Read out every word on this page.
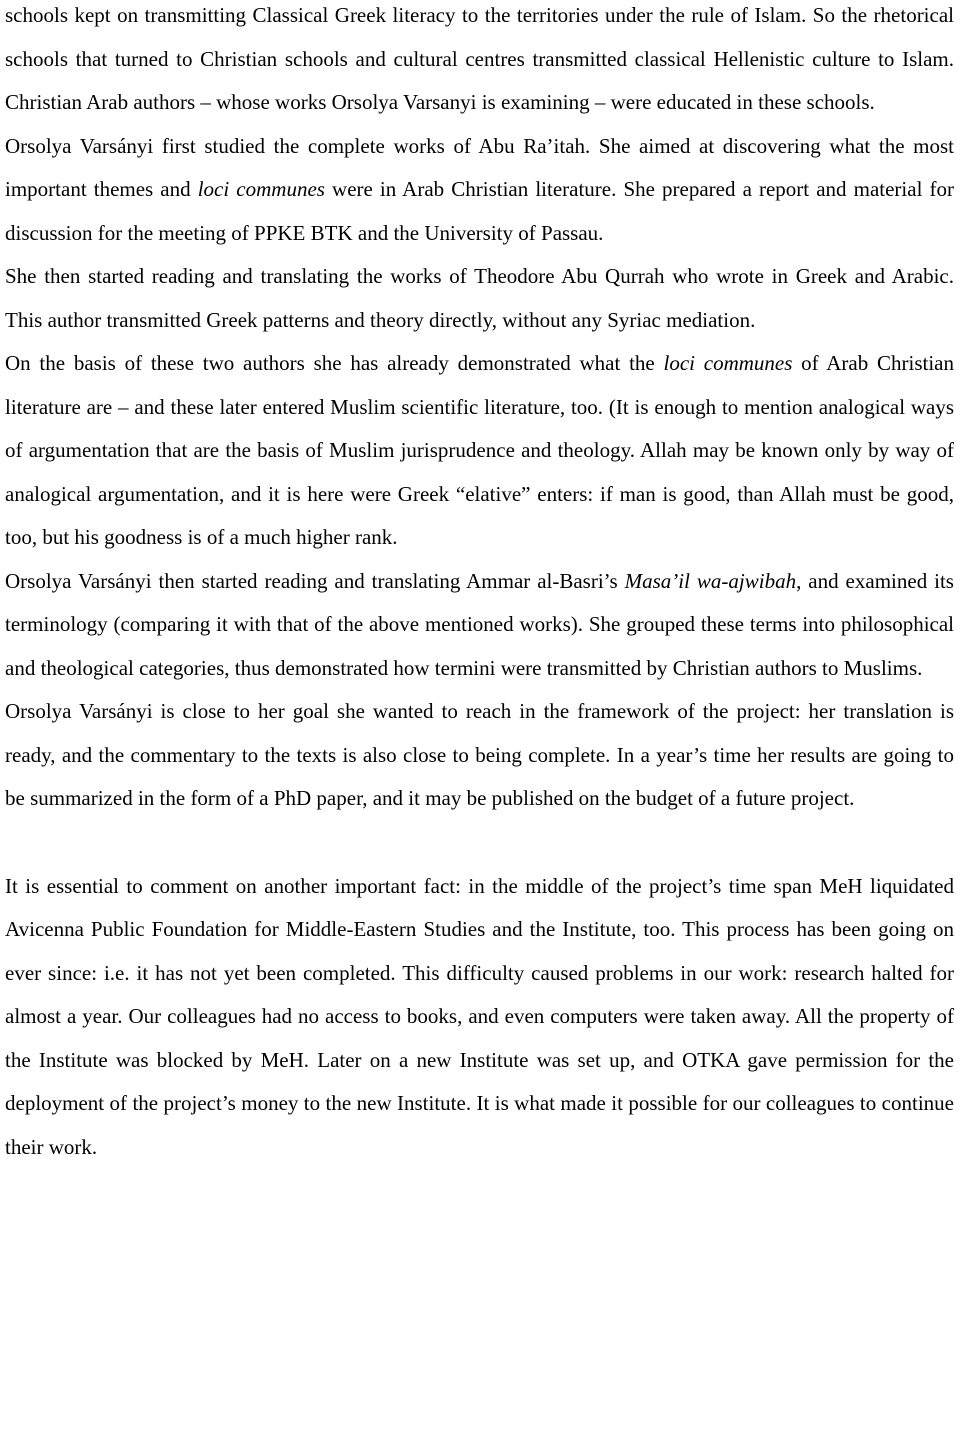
schools kept on transmitting Classical Greek literacy to the territories under the rule of Islam. So the rhetorical schools that turned to Christian schools and cultural centres transmitted classical Hellenistic culture to Islam. Christian Arab authors – whose works Orsolya Varsanyi is examining – were educated in these schools.

Orsolya Varsányi first studied the complete works of Abu Ra’itah. She aimed at discovering what the most important themes and loci communes were in Arab Christian literature. She prepared a report and material for discussion for the meeting of PPKE BTK and the University of Passau.

She then started reading and translating the works of Theodore Abu Qurrah who wrote in Greek and Arabic. This author transmitted Greek patterns and theory directly, without any Syriac mediation.

On the basis of these two authors she has already demonstrated what the loci communes of Arab Christian literature are – and these later entered Muslim scientific literature, too. (It is enough to mention analogical ways of argumentation that are the basis of Muslim jurisprudence and theology. Allah may be known only by way of analogical argumentation, and it is here were Greek “elative” enters: if man is good, than Allah must be good, too, but his goodness is of a much higher rank.

Orsolya Varsányi then started reading and translating Ammar al-Basri’s Masa’il wa-ajwibah, and examined its terminology (comparing it with that of the above mentioned works). She grouped these terms into philosophical and theological categories, thus demonstrated how termini were transmitted by Christian authors to Muslims.

Orsolya Varsányi is close to her goal she wanted to reach in the framework of the project: her translation is ready, and the commentary to the texts is also close to being complete. In a year’s time her results are going to be summarized in the form of a PhD paper, and it may be published on the budget of a future project.

It is essential to comment on another important fact: in the middle of the project’s time span MeH liquidated Avicenna Public Foundation for Middle-Eastern Studies and the Institute, too. This process has been going on ever since: i.e. it has not yet been completed. This difficulty caused problems in our work: research halted for almost a year. Our colleagues had no access to books, and even computers were taken away. All the property of the Institute was blocked by MeH. Later on a new Institute was set up, and OTKA gave permission for the deployment of the project’s money to the new Institute. It is what made it possible for our colleagues to continue their work.
